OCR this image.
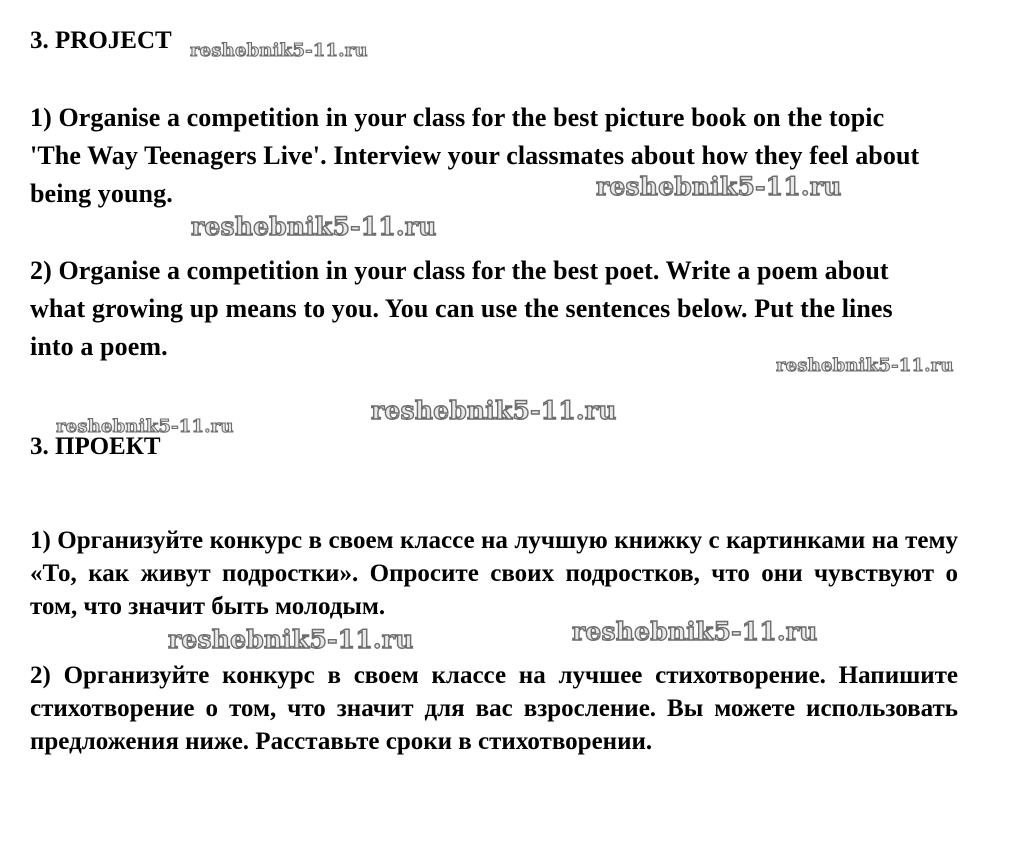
3. PROJECT

1) Organise a competition in your class for the best picture book on the topic 'The Way Teenagers Live'. Interview your classmates about how they feel about being young.

2) Organise a competition in your class for the best poet. Write a poem about what growing up means to you. You can use the sentences below. Put the lines into a poem.

3. ПРОЕКТ

1) Организуйте конкурс в своем классе на лучшую книжку с картинками на тему «То, как живут подростки». Опросите своих подростков, что они чувствуют о том, что значит быть молодым.

2) Организуйте конкурс в своем классе на лучшее стихотворение. Напишите стихотворение о том, что значит для вас взросление. Вы можете использовать предложения ниже. Расставьте сроки в стихотворении.

reshebnik5-11.ru
reshebnik5-11.ru
reshebnik5-11.ru
reshebnik5-11.ru
reshebnik5-11.ru
reshebnik5-11.ru
reshebnik5-11.ru	reshebnik5-11.ru
